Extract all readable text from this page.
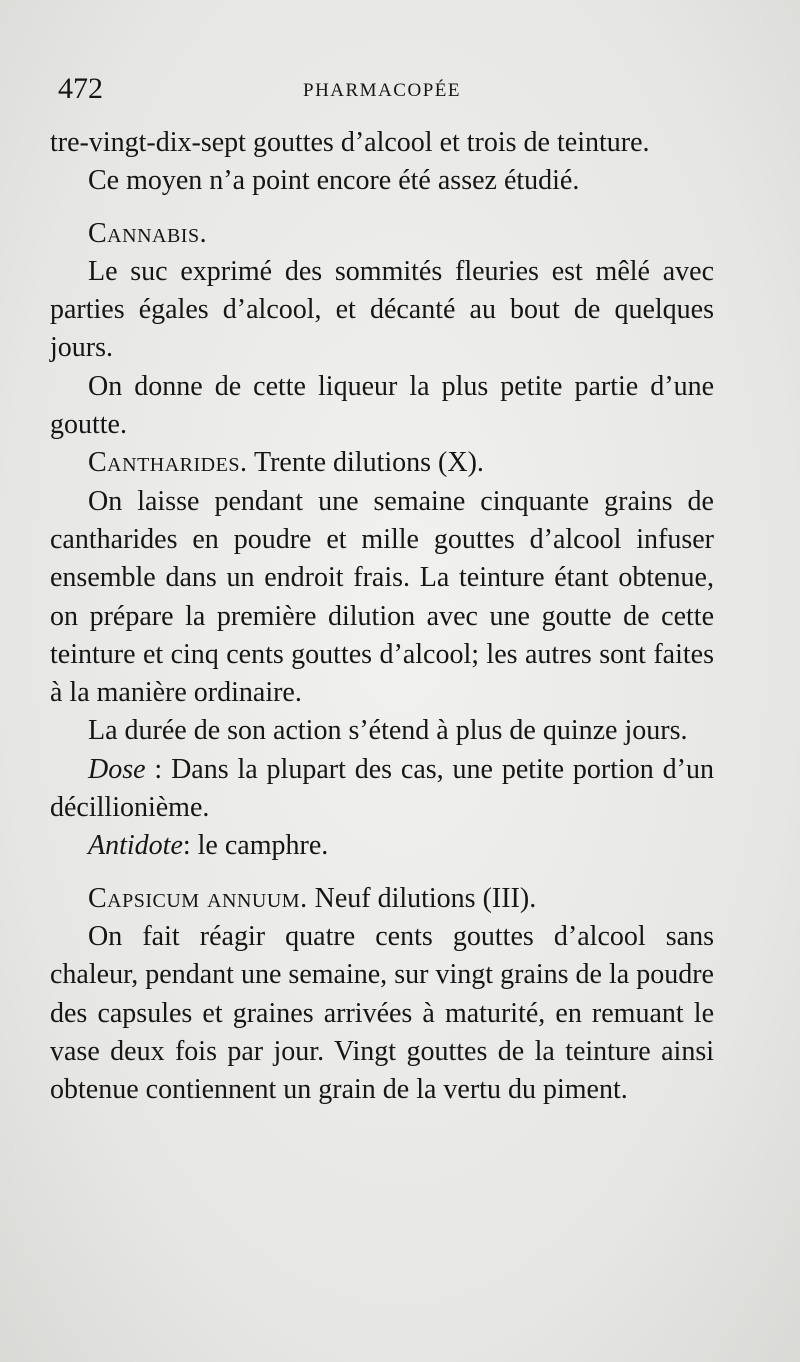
472	PHARMACOPÉE

tre-vingt-dix-sept gouttes d’alcool et trois de teinture.

Ce moyen n’a point encore été assez étudié.

Cannabis.

Le suc exprimé des sommités fleuries est mêlé avec parties égales d’alcool, et décanté au bout de quelques jours.

On donne de cette liqueur la plus petite partie d’une goutte.

Cantharides. Trente dilutions (X).

On laisse pendant une semaine cinquante grains de cantharides en poudre et mille gouttes d’alcool infuser ensemble dans un endroit frais. La teinture étant obtenue, on prépare la première dilution avec une goutte de cette teinture et cinq cents gouttes d’alcool; les autres sont faites à la manière ordinaire.

La durée de son action s’étend à plus de quinze jours.

Dose : Dans la plupart des cas, une petite portion d’un décillionième.

Antidote: le camphre.

Capsicum annuum. Neuf dilutions (III).

On fait réagir quatre cents gouttes d’alcool sans chaleur, pendant une semaine, sur vingt grains de la poudre des capsules et graines arrivées à maturité, en remuant le vase deux fois par jour. Vingt gouttes de la teinture ainsi obtenue contiennent un grain de la vertu du piment.
